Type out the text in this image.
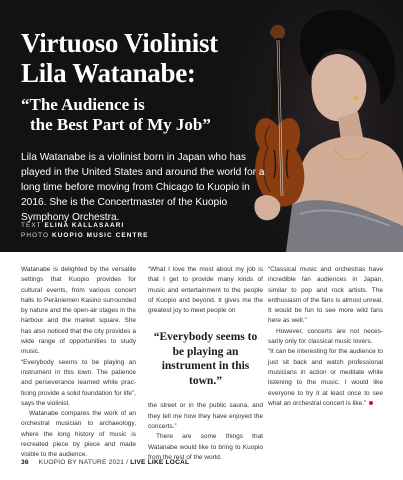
Virtuoso Violinist
Lila Watanabe:
“The Audience is
the Best Part of My Job”

Lila Watanabe is a violinist born in Japan who has played in the United States and around the world for a long time before moving from Chicago to Kuopio in 2016. She is the Concertmaster of the Kuopio Symphony Orchestra.

TEXT ELINA KALLASAARI
PHOTO KUOPIO MUSIC CENTRE

Watanabe is delighted by the versatile settings that Kuopio provides for cultural events, from various concert halls to Peräniemen Kasino surrounded by nature and the open-air stages in the harbour and the market square. She has also noticed that the city provides a wide range of opportunities to study music.

“Everybody seems to be playing an instrument in this town. The patience and perseverance learned while practicing provide a solid foundation for life”, says the violinist.

Watanabe compares the work of an orchestral musician to archaeology, where the long history of music is recreated piece by piece and made visible to the audience.

“What I love the most about my job is that I get to provide many kinds of music and entertainment to the people of Kuopio and beyond. It gives me the greatest joy to meet people on

“Everybody seems to be playing an instrument in this town.”

the street or in the public sauna, and they tell me how they have enjoyed the concerts.”

There are some things that Watanabe would like to bring to Kuopio from the rest of the world.

“Classical music and orchestras have incredible fan audiences in Japan, similar to pop and rock artists. The enthusiasm of the fans is almost unreal. It would be fun to see more wild fans here as well.”

However, concerts are not necessarily only for classical music lovers.

“It can be interesting for the audience to just sit back and watch professional musicians in action or meditate while listening to the music. I would like everyone to try it at least once to see what an orchestral concert is like.”

36 KUOPIO BY NATURE 2021 / LIVE LIKE LOCAL
